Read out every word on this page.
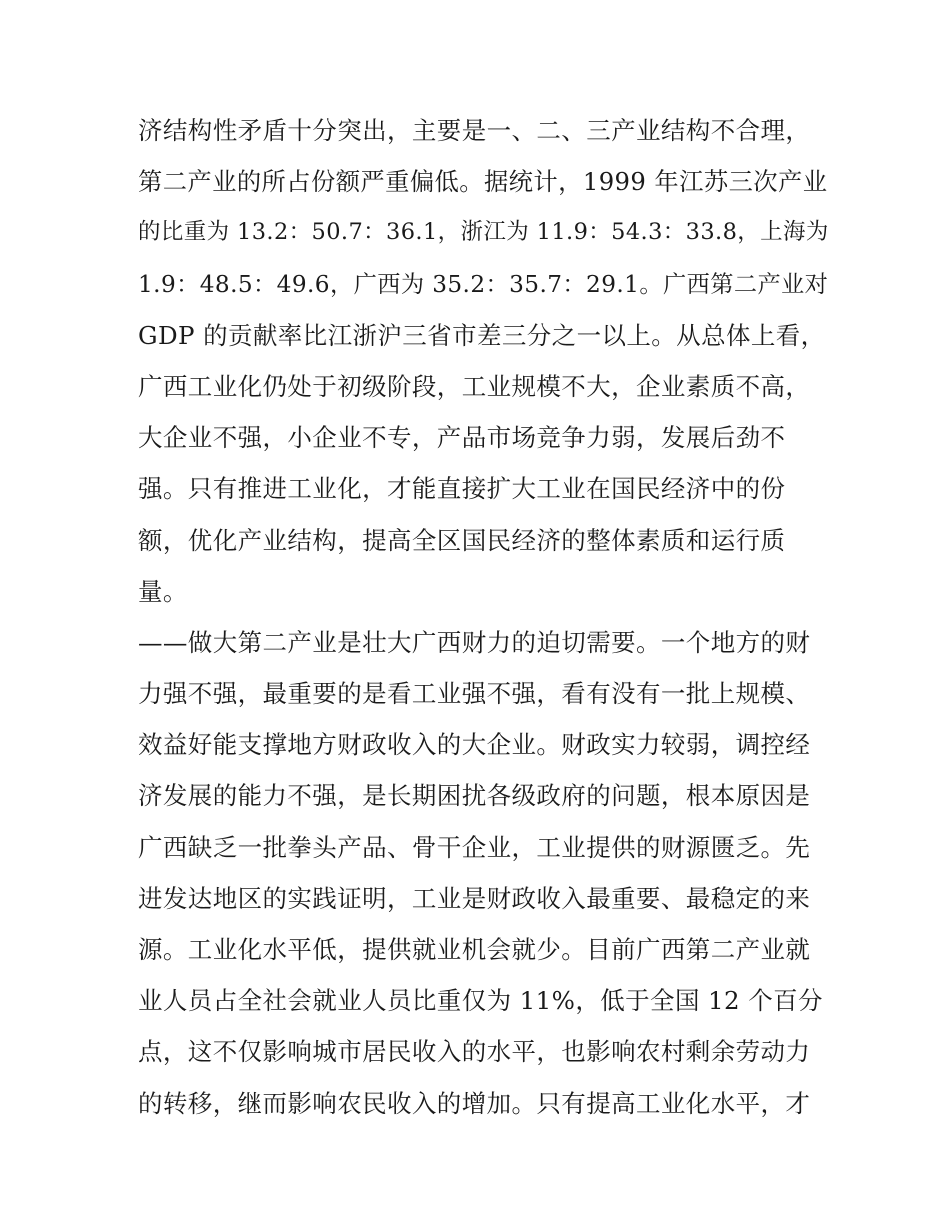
济结构性矛盾十分突出，主要是一、二、三产业结构不合理，
第二产业的所占份额严重偏低。据统计，1999 年江苏三次产业
的比重为 13.2：50.7：36.1，浙江为 11.9：54.3：33.8，上海为
1.9：48.5：49.6，广西为 35.2：35.7：29.1。广西第二产业对
GDP 的贡献率比江浙沪三省市差三分之一以上。从总体上看，
广西工业化仍处于初级阶段，工业规模不大，企业素质不高，
大企业不强，小企业不专，产品市场竞争力弱，发展后劲不
强。只有推进工业化，才能直接扩大工业在国民经济中的份
额，优化产业结构，提高全区国民经济的整体素质和运行质
量。
——做大第二产业是壮大广西财力的迫切需要。一个地方的财
力强不强，最重要的是看工业强不强，看有没有一批上规模、
效益好能支撑地方财政收入的大企业。财政实力较弱，调控经
济发展的能力不强，是长期困扰各级政府的问题，根本原因是
广西缺乏一批拳头产品、骨干企业，工业提供的财源匮乏。先
进发达地区的实践证明，工业是财政收入最重要、最稳定的来
源。工业化水平低，提供就业机会就少。目前广西第二产业就
业人员占全社会就业人员比重仅为 11%，低于全国 12 个百分
点，这不仅影响城市居民收入的水平，也影响农村剩余劳动力
的转移，继而影响农民收入的增加。只有提高工业化水平，才
